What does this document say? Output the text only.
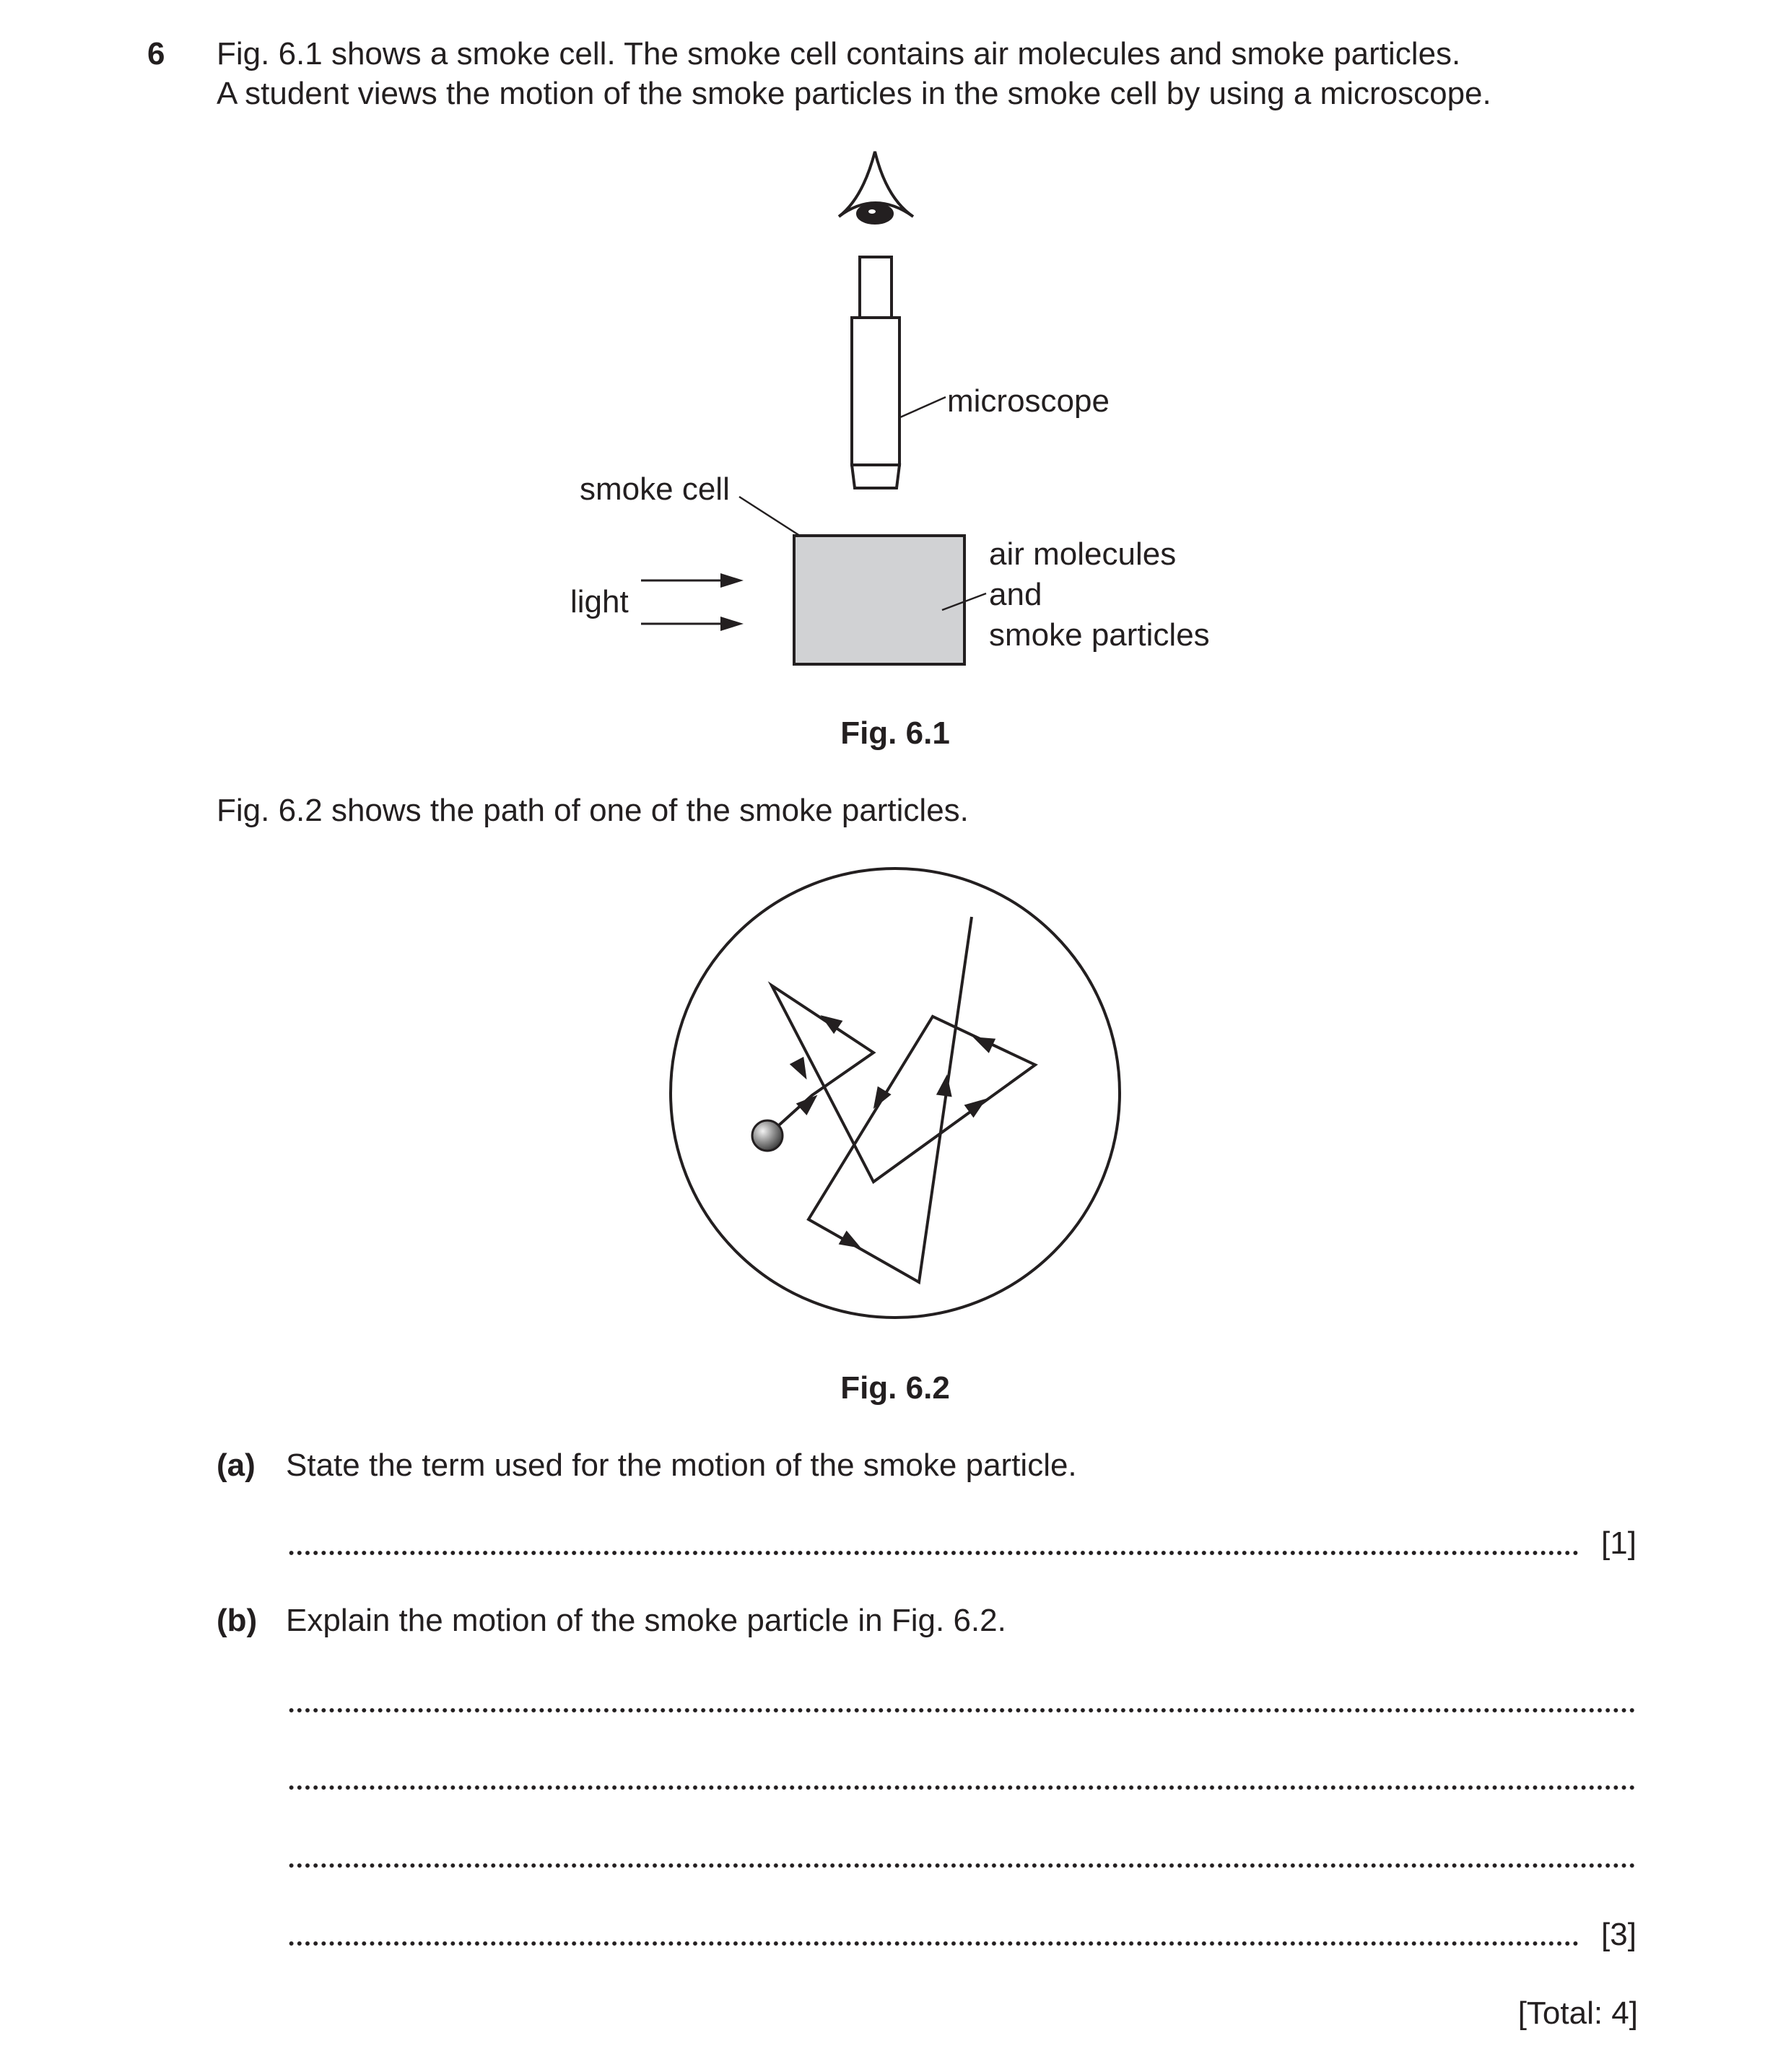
6 Fig. 6.1 shows a smoke cell. The smoke cell contains air molecules and smoke particles.
A student views the motion of the smoke particles in the smoke cell by using a microscope.
microscope
smoke cell
light
air molecules
and
smoke particles
Fig. 6.1
Fig. 6.2
Fig. 6.2 shows the path of one of the smoke particles.
(a) State the term used for the motion of the smoke particle.
[1]
(b) Explain the motion of the smoke particle in Fig. 6.2.
[3]
[Total: 4]
